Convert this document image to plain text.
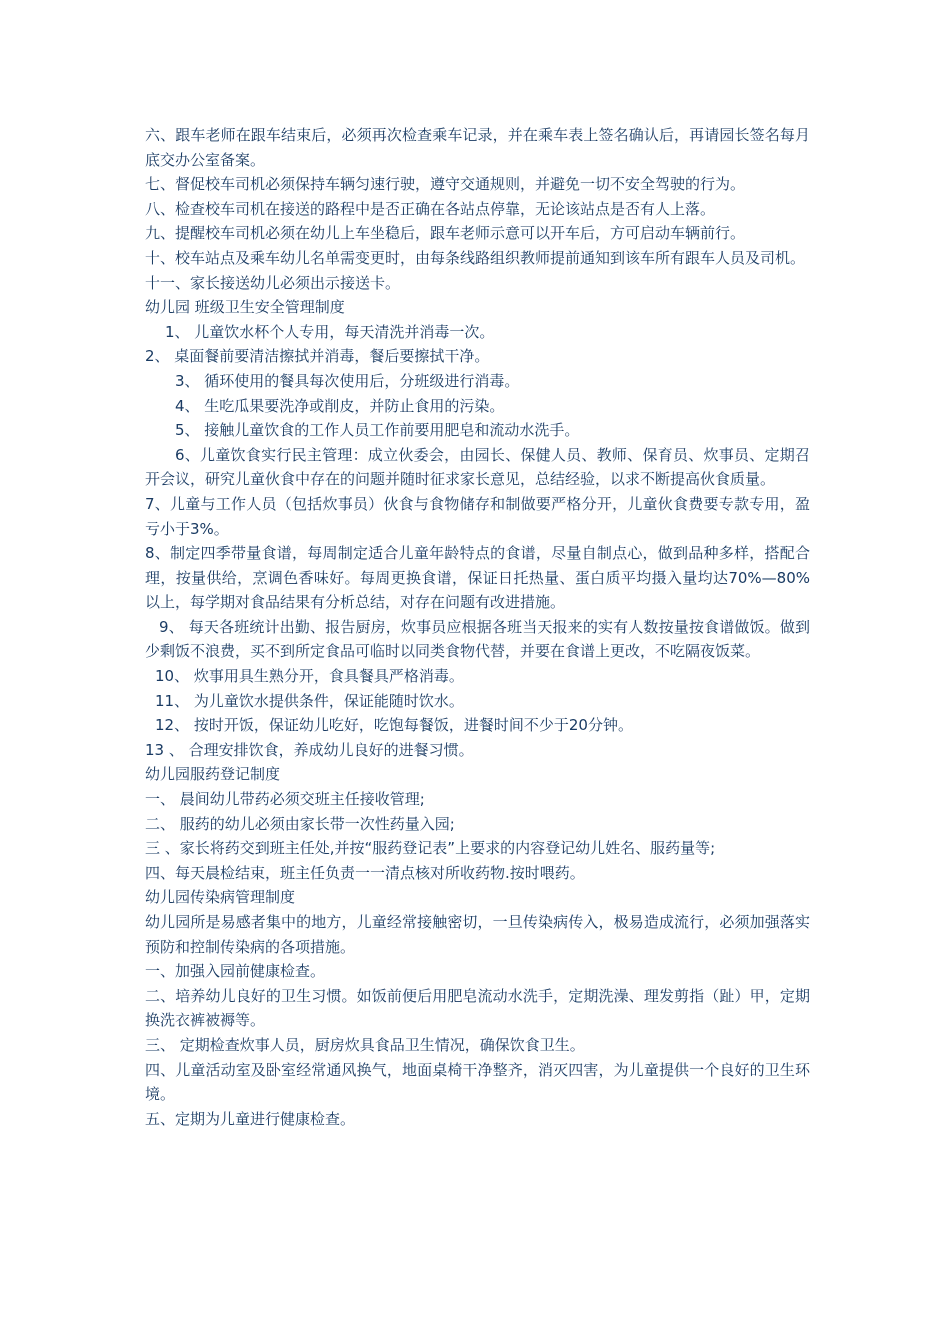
六、跟车老师在跟车结束后，必须再次检查乘车记录，并在乘车表上签名确认后，再请园长签名每月底交办公室备案。

七、督促校车司机必须保持车辆匀速行驶，遵守交通规则，并避免一切不安全驾驶的行为。

八、检查校车司机在接送的路程中是否正确在各站点停靠，无论该站点是否有人上落。

九、提醒校车司机必须在幼儿上车坐稳后，跟车老师示意可以开车后，方可启动车辆前行。

十、校车站点及乘车幼儿名单需变更时，由每条线路组织教师提前通知到该车所有跟车人员及司机。

十一、家长接送幼儿必须出示接送卡。

幼儿园 班级卫生安全管理制度

1、 儿童饮水杯个人专用，每天清洗并消毒一次。

2、 桌面餐前要清洁擦拭并消毒，餐后要擦拭干净。

3、 循环使用的餐具每次使用后，分班级进行消毒。

4、 生吃瓜果要洗净或削皮，并防止食用的污染。

5、 接触儿童饮食的工作人员工作前要用肥皂和流动水洗手。

6、儿童饮食实行民主管理：成立伙委会，由园长、保健人员、教师、保育员、炊事员、定期召开会议，研究儿童伙食中存在的问题并随时征求家长意见，总结经验，以求不断提高伙食质量。

7、儿童与工作人员（包括炊事员）伙食与食物储存和制做要严格分开，儿童伙食费要专款专用，盈亏小于3%。

8、制定四季带量食谱，每周制定适合儿童年龄特点的食谱，尽量自制点心，做到品种多样，搭配合理，按量供给，烹调色香味好。每周更换食谱，保证日托热量、蛋白质平均摄入量均达70%—80%以上，每学期对食品结果有分析总结，对存在问题有改进措施。

9、 每天各班统计出勤、报告厨房，炊事员应根据各班当天报来的实有人数按量按食谱做饭。做到少剩饭不浪费，买不到所定食品可临时以同类食物代替，并要在食谱上更改，不吃隔夜饭菜。

10、 炊事用具生熟分开，食具餐具严格消毒。

11、 为儿童饮水提供条件，保证能随时饮水。

12、 按时开饭，保证幼儿吃好，吃饱每餐饭，进餐时间不少于20分钟。

13 、 合理安排饮食，养成幼儿良好的进餐习惯。

幼儿园服药登记制度

一、 晨间幼儿带药必须交班主任接收管理;

二、 服药的幼儿必须由家长带一次性药量入园;

三 、家长将药交到班主任处,并按“服药登记表”上要求的内容登记幼儿姓名、服药量等;

四、每天晨检结束，班主任负责一一清点核对所收药物.按时喂药。

幼儿园传染病管理制度

幼儿园所是易感者集中的地方，儿童经常接触密切，一旦传染病传入，极易造成流行，必须加强落实预防和控制传染病的各项措施。

一、加强入园前健康检查。

二、培养幼儿良好的卫生习惯。如饭前便后用肥皂流动水洗手，定期洗澡、理发剪指（趾）甲，定期换洗衣裤被褥等。

三、 定期检查炊事人员，厨房炊具食品卫生情况，确保饮食卫生。

四、儿童活动室及卧室经常通风换气，地面桌椅干净整齐，消灭四害，为儿童提供一个良好的卫生环境。

五、定期为儿童进行健康检查。
